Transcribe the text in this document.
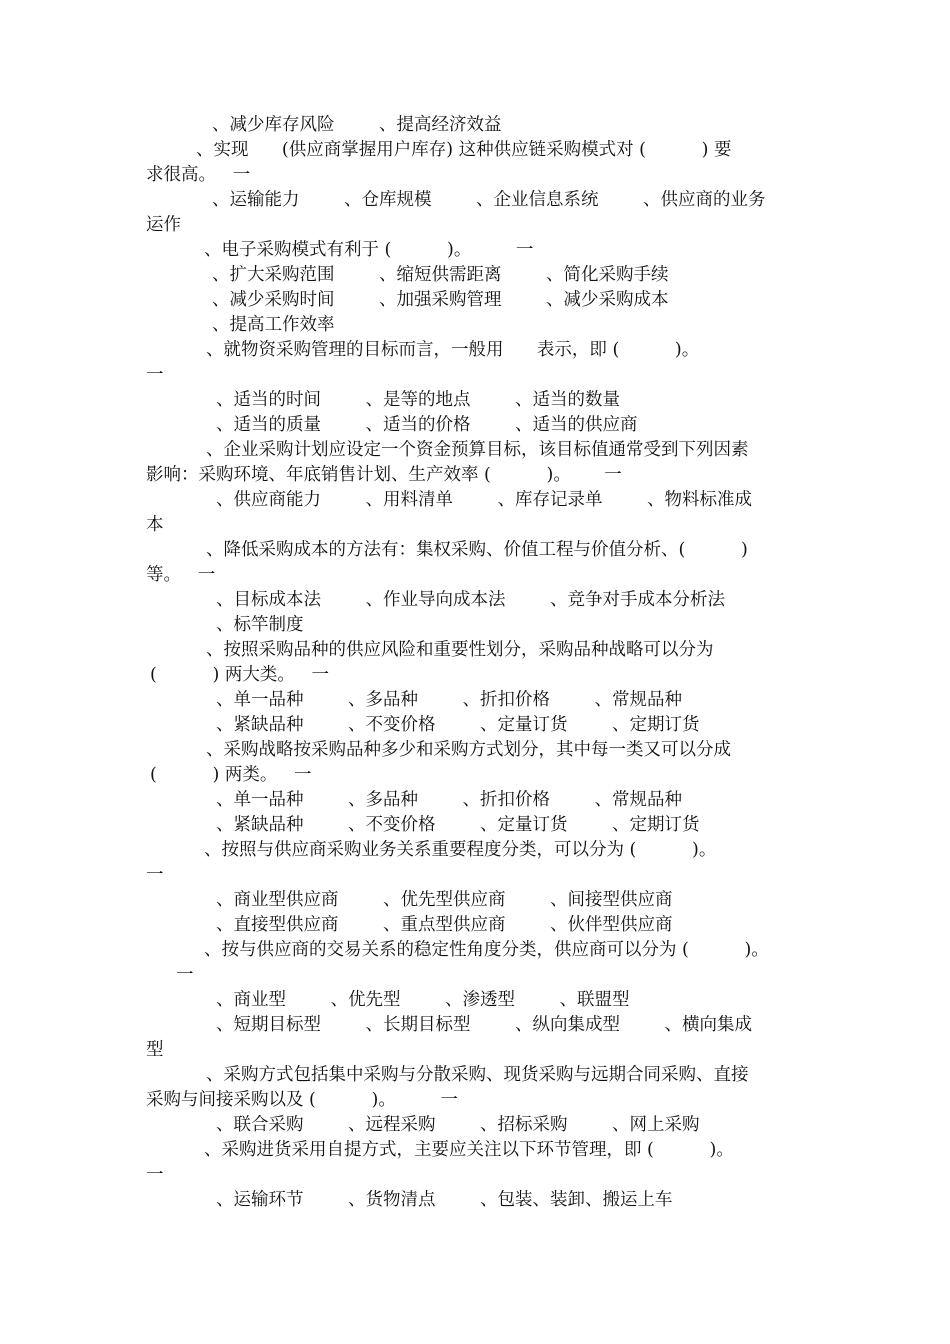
、减少库存风险        、提高经济效益
、实现      (供应商掌握用户库存) 这种供应链采购模式对 (          ) 要
求很高。   一
、运输能力        、仓库规模        、企业信息系统        、供应商的业务
运作
、电子采购模式有利于 (          )。        一
、扩大采购范围        、缩短供需距离        、简化采购手续
、减少采购时间        、加强采购管理        、减少采购成本
、提高工作效率
、就物资采购管理的目标而言，一般用      表示，即 (          )。
一
、适当的时间        、是等的地点        、适当的数量
、适当的质量        、适当的价格        、适当的供应商
、企业采购计划应设定一个资金预算目标，该目标值通常受到下列因素
影响：采购环境、年底销售计划、生产效率 (          )。      一
、供应商能力        、用料清单        、库存记录单        、物料标准成
本
、降低采购成本的方法有：集权采购、价值工程与价值分析、(          )
等。   一
、目标成本法        、作业导向成本法        、竞争对手成本分析法
、标竿制度
、按照采购品种的供应风险和重要性划分，采购品种战略可以分为
(          ) 两大类。   一
、单一品种        、多品种        、折扣价格        、常规品种
、紧缺品种        、不变价格        、定量订货        、定期订货
、采购战略按采购品种多少和采购方式划分，其中每一类又可以分成
(          ) 两类。   一
、单一品种        、多品种        、折扣价格        、常规品种
、紧缺品种        、不变价格        、定量订货        、定期订货
、按照与供应商采购业务关系重要程度分类，可以分为 (          )。
一
、商业型供应商        、优先型供应商        、间接型供应商
、直接型供应商        、重点型供应商        、伙伴型供应商
、按与供应商的交易关系的稳定性角度分类，供应商可以分为 (          )。
一
、商业型        、优先型        、渗透型        、联盟型
、短期目标型        、长期目标型        、纵向集成型        、横向集成
型
、采购方式包括集中采购与分散采购、现货采购与远期合同采购、直接
采购与间接采购以及 (          )。        一
、联合采购        、远程采购        、招标采购        、网上采购
、采购进货采用自提方式，主要应关注以下环节管理，即 (          )。
一
、运输环节        、货物清点        、包装、装卸、搬运上车
